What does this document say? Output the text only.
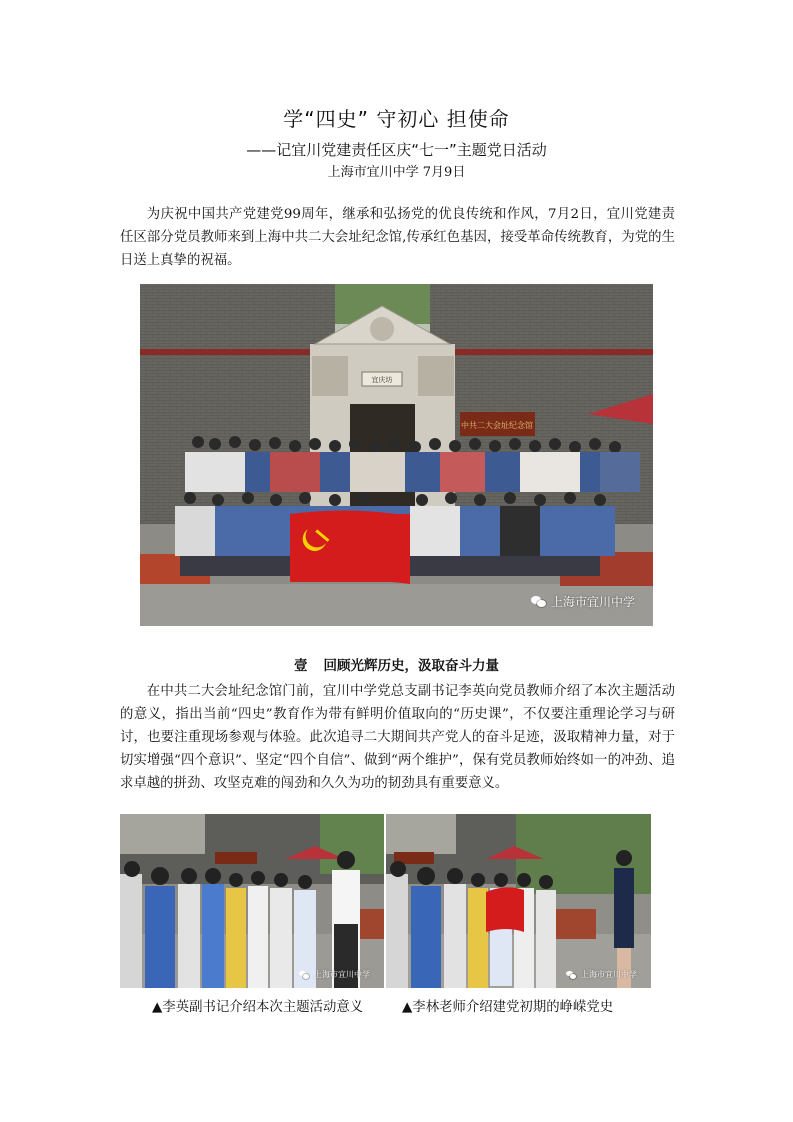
学“四史” 守初心 担使命
——记宜川党建责任区庆“七一”主题党日活动
上海市宜川中学 7月9日

为庆祝中国共产党建党99周年，继承和弘扬党的优良传统和作风，7月2日，宜川党建责任区部分党员教师来到上海中共二大会址纪念馆,传承红色基因，接受革命传统教育，为党的生日送上真挚的祝福。

中共二大会址纪念馆
宜庆坊
上海市宜川中学
壹 回顾光辉历史，汲取奋斗力量

在中共二大会址纪念馆门前，宜川中学党总支副书记李英向党员教师介绍了本次主题活动的意义，指出当前“四史”教育作为带有鲜明价值取向的“历史课”，不仅要注重理论学习与研讨，也要注重现场参观与体验。此次追寻二大期间共产党人的奋斗足迹，汲取精神力量，对于切实增强“四个意识”、坚定“四个自信”、做到“两个维护”，保有党员教师始终如一的冲劲、追求卓越的拼劲、攻坚克难的闯劲和久久为功的韧劲具有重要意义。

上海市宜川中学	上海市宜川中学
▲李英副书记介绍本次主题活动意义	▲李林老师介绍建党初期的峥嵘党史
